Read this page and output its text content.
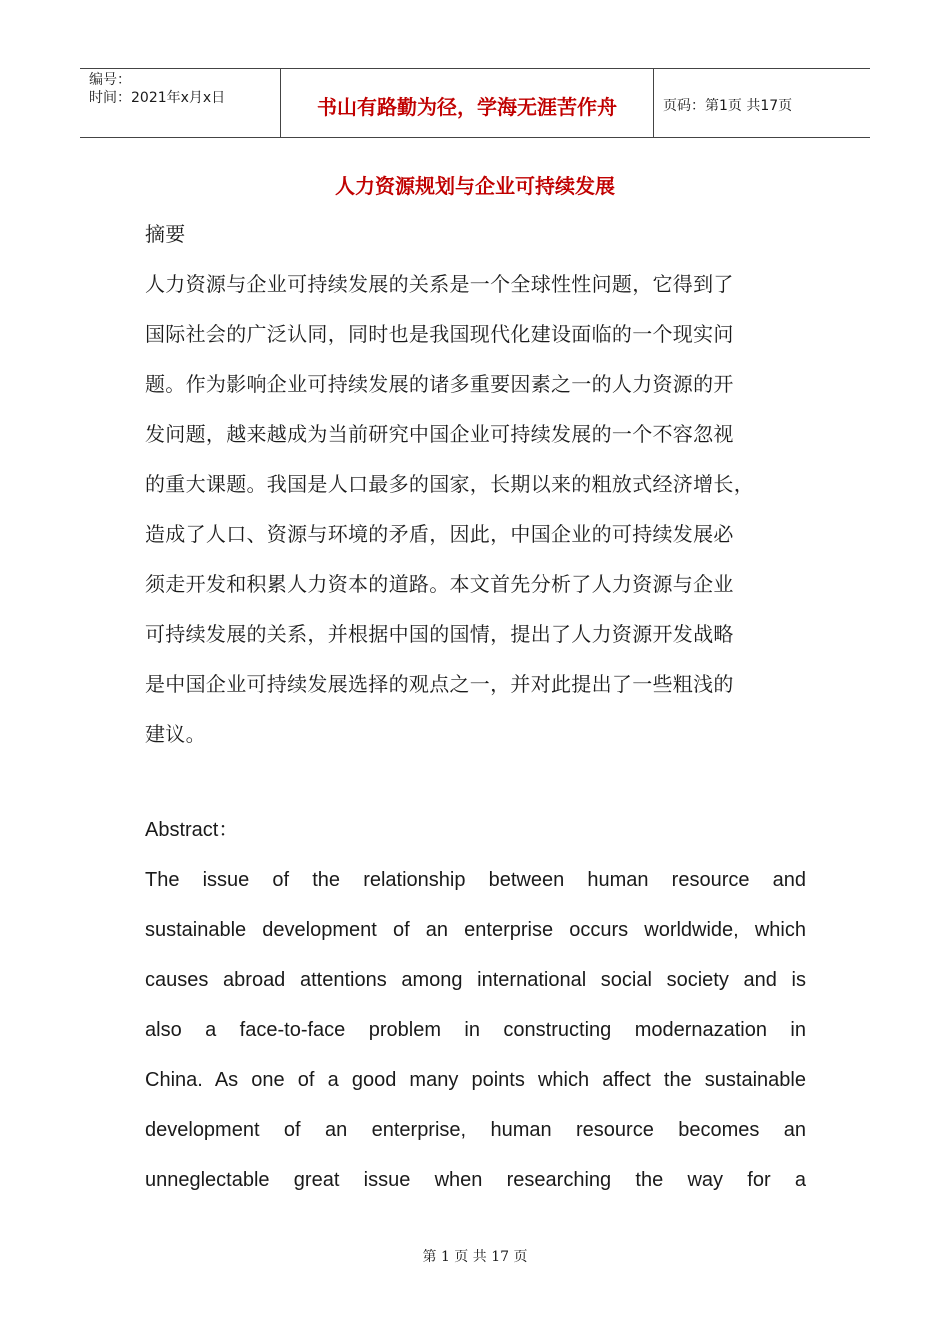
编号：
时间：2021年x月x日	书山有路勤为径，学海无涯苦作舟	页码：第1页 共17页
人力资源规划与企业可持续发展
摘要
人力资源与企业可持续发展的关系是一个全球性性问题，它得到了
国际社会的广泛认同，同时也是我国现代化建设面临的一个现实问
题。作为影响企业可持续发展的诸多重要因素之一的人力资源的开
发问题，越来越成为当前研究中国企业可持续发展的一个不容忽视
的重大课题。我国是人口最多的国家，长期以来的粗放式经济增长，
造成了人口、资源与环境的矛盾，因此，中国企业的可持续发展必
须走开发和积累人力资本的道路。本文首先分析了人力资源与企业
可持续发展的关系，并根据中国的国情，提出了人力资源开发战略
是中国企业可持续发展选择的观点之一，并对此提出了一些粗浅的
建议。
Abstract：
The issue of the relationship between human resource and
sustainable development of an enterprise occurs worldwide, which
causes abroad attentions among international social society and is
also a face-to-face problem in constructing modernazation in
China. As one of a good many points which affect the sustainable
development of an enterprise, human resource becomes an
unneglectable great issue when researching the way for a
第 1 页 共 17 页
